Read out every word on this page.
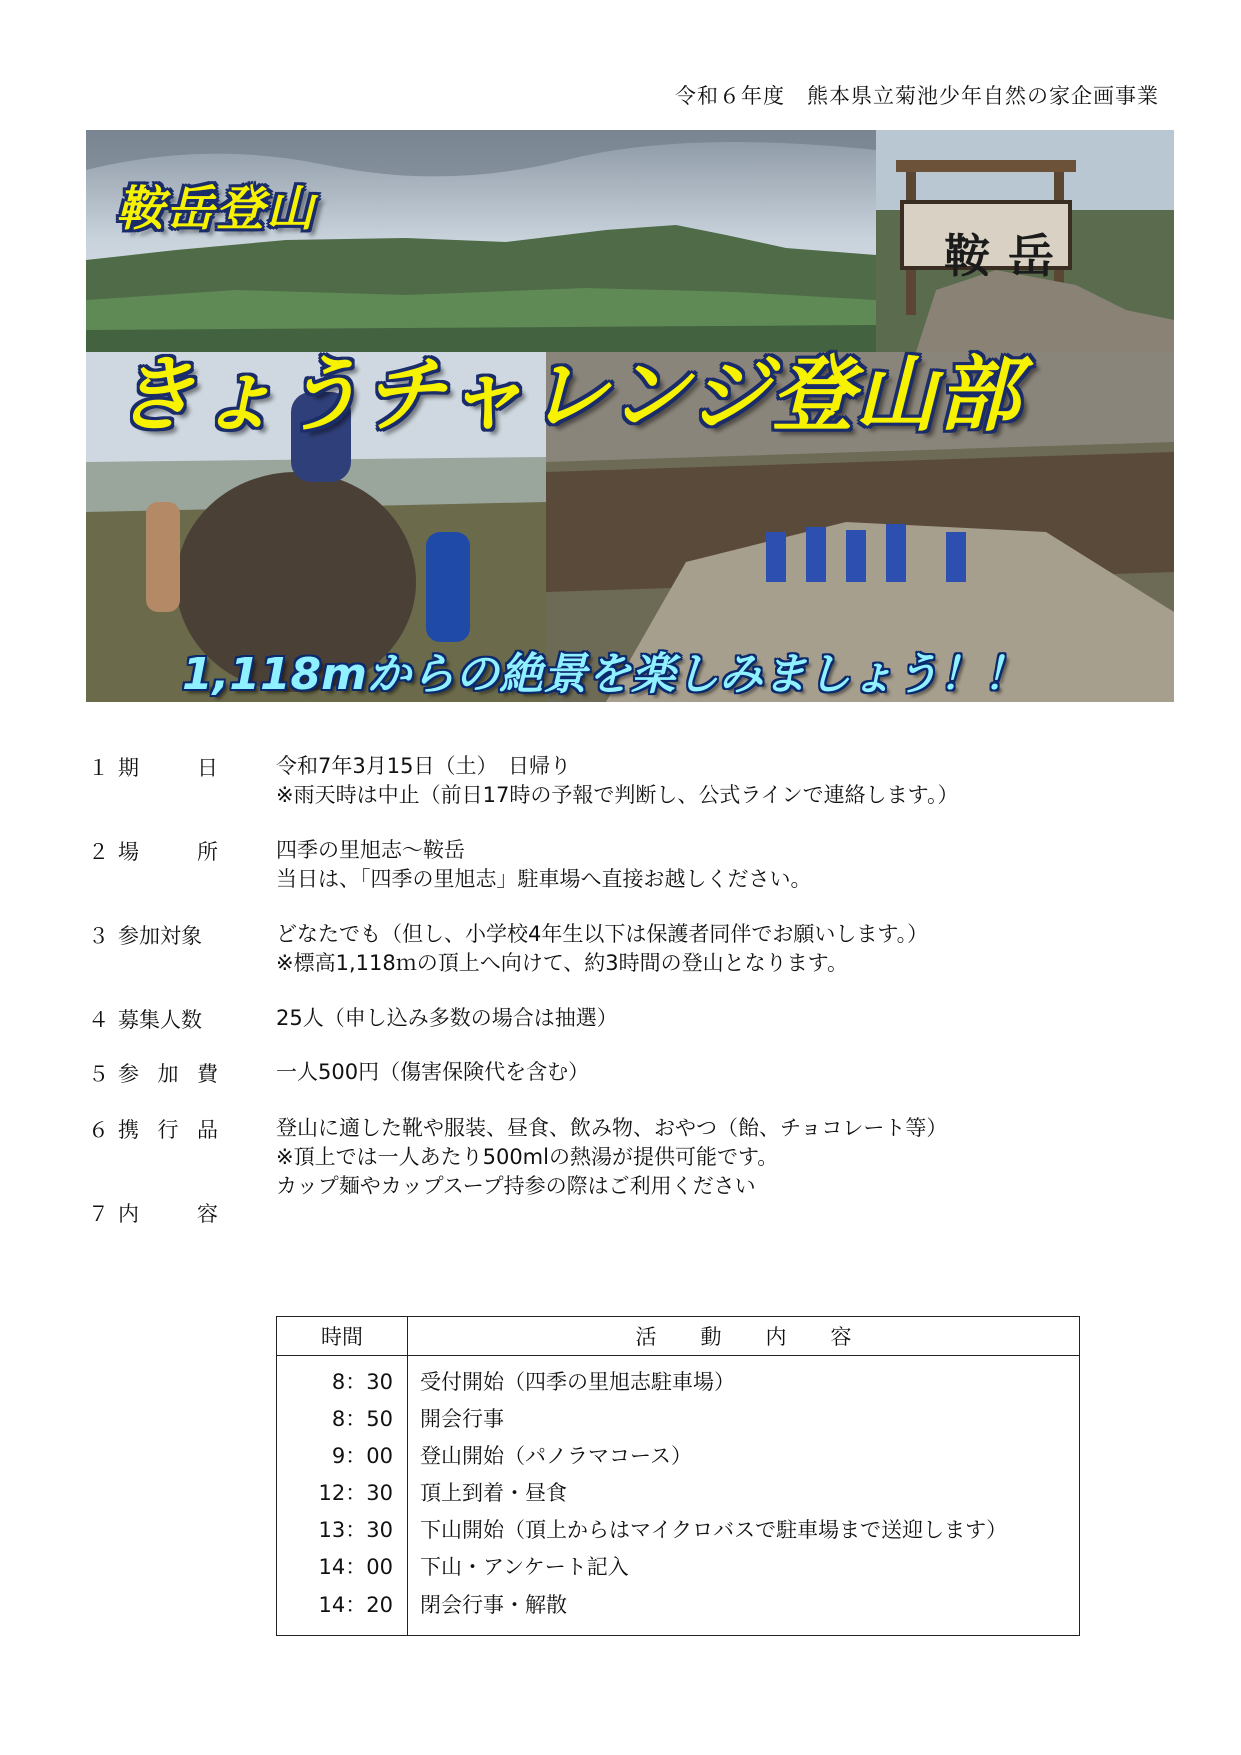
令和６年度　熊本県立菊池少年自然の家企画事業
鞍岳登山
きょうチャレンジ登山部
1,118mからの絶景を楽しみましょう！！
鞍岳
１ 期	日	令和7年3月15日（土）　日帰り
※雨天時は中止（前日17時の予報で判断し、公式ラインで連絡します。）
２ 場	所	四季の里旭志～鞍岳
当日は、「四季の里旭志」駐車場へ直接お越しください。
３ 参加対象	どなたでも（但し、小学校4年生以下は保護者同伴でお願いします。）
※標高1,118ｍの頂上へ向けて、約3時間の登山となります。
４ 募集人数	25人（申し込み多数の場合は抽選）
５ 参 加 費	一人500円（傷害保険代を含む）
６ 携 行 品	登山に適した靴や服装、昼食、飲み物、おやつ（飴、チョコレート等）
※頂上では一人あたり500mlの熱湯が提供可能です。
カップ麺やカップスープ持参の際はご利用ください
７ 内	容
時間	活動内容
8：30	受付開始（四季の里旭志駐車場）
8：50	開会行事
9：00	登山開始（パノラマコース）
12：30	頂上到着・昼食
13：30	下山開始（頂上からはマイクロバスで駐車場まで送迎します）
14：00	下山・アンケート記入
14：20	閉会行事・解散
